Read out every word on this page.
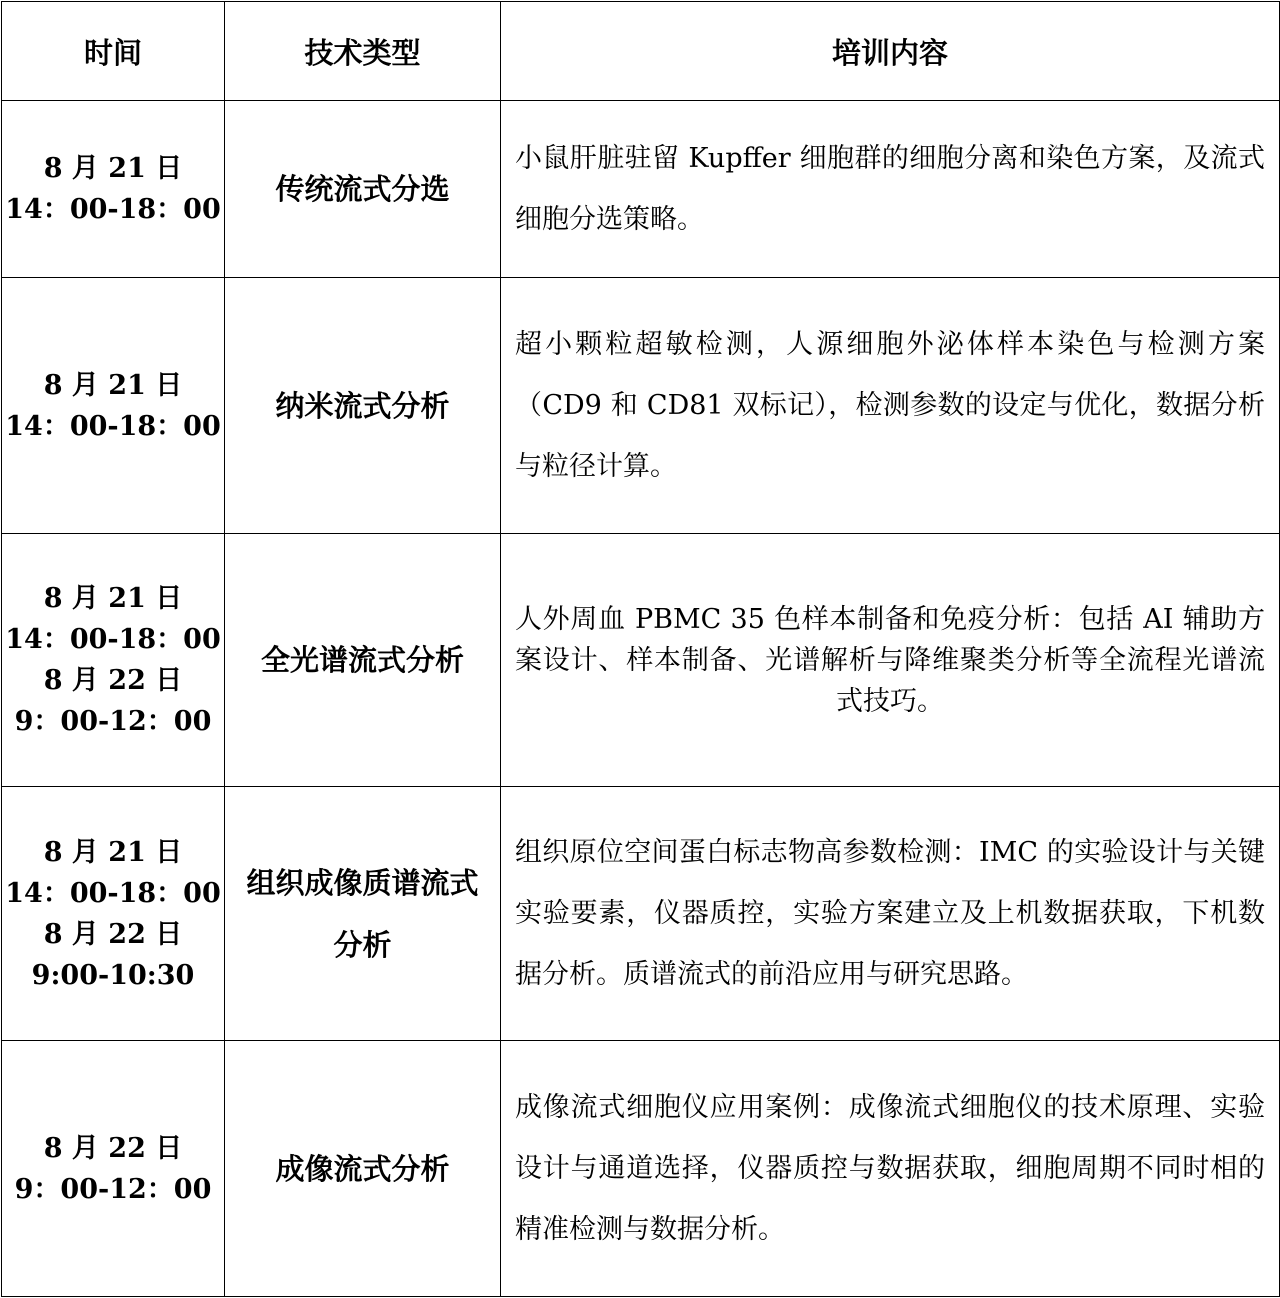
时间	技术类型	培训内容

8 月 21 日
14：00-18：00	传统流式分选	小鼠肝脏驻留 Kupffer 细胞群的细胞分离和染色方案，及流式细胞分选策略。

8 月 21 日
14：00-18：00	纳米流式分析	超小颗粒超敏检测，人源细胞外泌体样本染色与检测方案（CD9 和 CD81 双标记），检测参数的设定与优化，数据分析与粒径计算。

8 月 21 日
14：00-18：00
8 月 22 日
9：00-12：00	全光谱流式分析	人外周血 PBMC 35 色样本制备和免疫分析：包括 AI 辅助方案设计、样本制备、光谱解析与降维聚类分析等全流程光谱流式技巧。

8 月 21 日
14：00-18：00
8 月 22 日
9:00-10:30	组织成像质谱流式分析	组织原位空间蛋白标志物高参数检测：IMC 的实验设计与关键实验要素，仪器质控，实验方案建立及上机数据获取，下机数据分析。质谱流式的前沿应用与研究思路。

8 月 22 日
9：00-12：00	成像流式分析	成像流式细胞仪应用案例：成像流式细胞仪的技术原理、实验设计与通道选择，仪器质控与数据获取，细胞周期不同时相的精准检测与数据分析。
